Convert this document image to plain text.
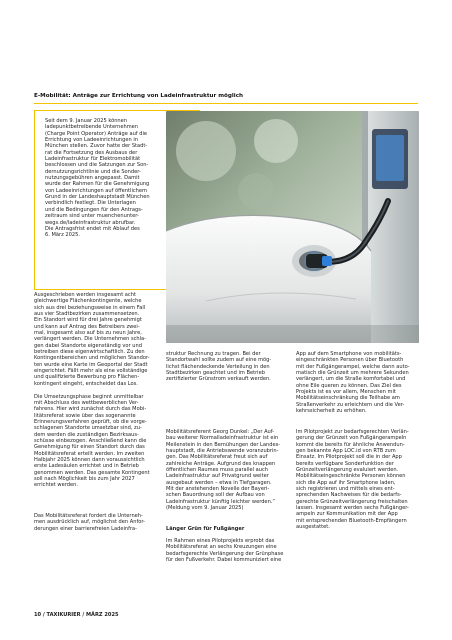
E-Mobilität: Anträge zur Errichtung von Ladeinfrastruktur möglich
Seit dem 9. Januar 2025 können
ladepunktbetreibende Unternehmen
(Charge Point Operator) Anträge auf die
Errichtung von Ladeeinrichtungen in
München stellen. Zuvor hatte der Stadt-
rat die Fortsetzung des Ausbaus der
Ladeinfrastruktur für Elektromobilität
beschlossen und die Satzungen zur Son-
dernutzungsrichtlinie und die Sonder-
nutzungsgebühren angepasst. Damit
wurde der Rahmen für die Genehmigung
von Ladeeinrichtungen auf öffentlichem
Grund in der Landeshauptstadt München
verbindlich festlegt. Die Unterlagen
und die Bedingungen für den Antrags-
zeitraum sind unter muenchenunter-
wegs.de/ladeinfrastruktur abrufbar.
Die Antragsfrist endet mit Ablauf des
6. März 2025.
Ausgeschrieben werden insgesamt acht
gleichwertige Flächenkontingente, welche
sich aus drei beziehungsweise in einem Fall
aus vier Stadtbezirken zusammensetzen.
Ein Standort wird für drei Jahre genehmigt
und kann auf Antrag des Betreibers zwei-
mal, insgesamt also auf bis zu neun Jahre,
verlängert werden. Die Unternehmen schla-
gen dabei Standorte eigenständig vor und
betreiben diese eigenwirtschaftlich. Zu den
Kontingentbereichen und möglichen Standor-
ten wurde eine Karte im Geoportal der Stadt
eingerichtet. Fällt mehr als eine vollständige
und qualifizierte Bewerbung pro Flächen-
kontingent eingeht, entscheidet das Los.

Die Umsetzungsphase beginnt unmittelbar
mit Abschluss des wettbewerblichen Ver-
fahrens. Hier wird zunächst durch das Mobi-
litätsreferat sowie über das sogenannte
Erinnerungsverfahren geprüft, ob die vorge-
schlagenen Standorte umsetzbar sind, zu-
dem werden die zuständigen Bezirksaus-
schüsse einbezogen. Anschließend kann die
Genehmigung für einen Standort durch das
Mobilitätsreferat erteilt werden. Im zweiten
Halbjahr 2025 können dann voraussichtlich
erste Ladesäulen errichtet und in Betrieb
genommen werden. Das gesamte Kontingent
soll nach Möglichkeit bis zum Jahr 2027
errichtet werden.
Das Mobilitätsreferat fordert die Unterneh-
men ausdrücklich auf, möglichst den Anfor-
derungen einer barrierefreien Ladeinfra-
struktur Rechnung zu tragen. Bei der
Standortwahl sollte zudem auf eine mög-
lichst flächendeckende Verteilung in den
Stadtbezirken geachtet und im Betrieb
zertifizierter Grünstrom verkauft werden.
Mobilitätsreferent Georg Dunkel: „Der Auf-
bau weiterer Normalladeinfrastruktur ist ein
Meilenstein in den Bemühungen der Landes-
hauptstadt, die Antriebswende voranzubrin-
gen. Das Mobilitätsreferat freut sich auf
zahlreiche Anträge. Aufgrund des knappen
öffentlichen Raumes muss parallel auch
Ladeinfrastruktur auf Privatgrund weiter
ausgebaut werden – etwa in Tiefgaragen.
Mit der anstehenden Novelle der Bayeri-
schen Bauordnung soll der Aufbau von
Ladeinfrastruktur künftig leichter werden.“
(Meldung vom 9. Januar 2025)
Länger Grün für Fußgänger
Im Rahmen eines Pilotprojekts erprobt das
Mobilitätsreferat an sechs Kreuzungen eine
bedarfsgerechte Verlängerung der Grünphase
für den Fußverkehr. Dabei kommuniziert eine
App auf dem Smartphone von mobilitäts-
eingeschränkten Personen über Bluetooth
mit der Fußgängerampel, welche dann auto-
matisch die Grünzeit um mehrere Sekunden
verlängert, um die Straße komfortabel und
ohne Eile queren zu können. Das Ziel des
Projekts ist es vor allem, Menschen mit
Mobilitätseinschränkung die Teilhabe am
Straßenverkehr zu erleichtern und die Ver-
kehrssicherheit zu erhöhen.
Im Pilotprojekt zur bedarfsgerechten Verlän-
gerung der Grünzeit von Fußgängerampeln
kommt die bereits für ähnliche Anwendun-
gen bekannte App LOC.id von RTB zum
Einsatz. Im Pilotprojekt soll die in der App
bereits verfügbare Sonderfunktion der
Grünzeitverlängerung evaluiert werden.
Mobilitätseingeschränkte Personen können
sich die App auf ihr Smartphone laden,
sich registrieren und mittels eines ent-
sprechenden Nachweises für die bedarfs-
gerechte Grünzeitverlängerung freischalten
lassen. Insgesamt werden sechs Fußgänger-
ampeln zur Kommunikation mit der App
mit entsprechenden Bluetooth-Empfängern
ausgestattet.
10 / TAXIKURIER / MÄRZ 2025
